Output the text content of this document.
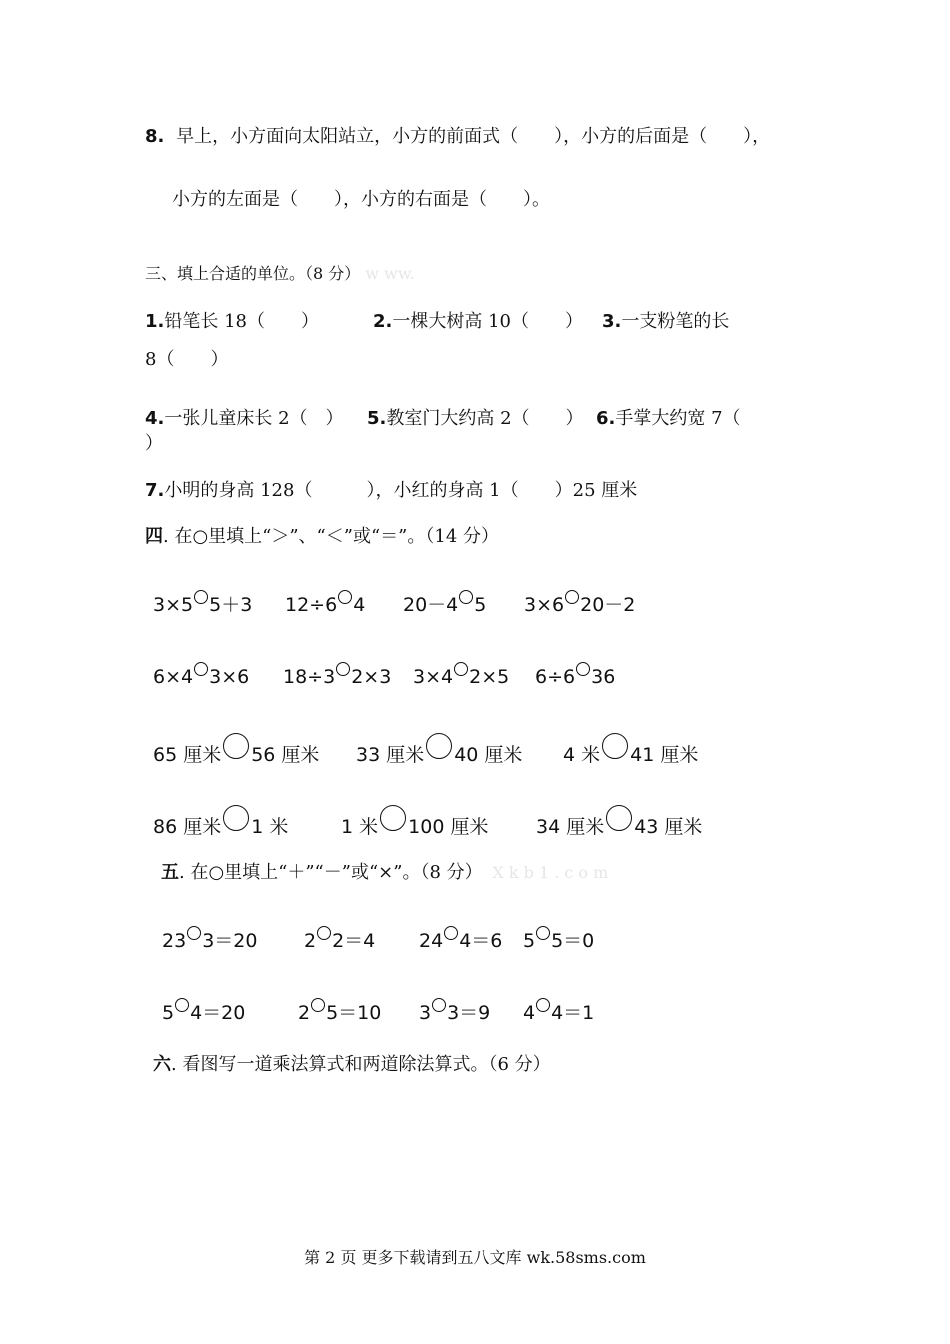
8. 早上，小方面向太阳站立，小方的前面式（　　），小方的后面是（　　），
小方的左面是（　　），小方的右面是（　　）。
三、填上合适的单位。（8 分） w ww.
1.铅笔长 18（　　）	2.一棵大树高 10（　　） 3.一支粉笔的长
8（　　）
4.一张儿童床长 2（　） 5.教室门大约高 2（　　） 6.手掌大约宽 7（
）
7.小明的身高 128（　　　），小红的身高 1（　　）25 厘米
四. 在○里填上“＞”、“＜”或“＝”。（14 分）
3×5 5＋3 12÷6 4 20－4 5 3×6 20－2
6×4 3×6 18÷3 2×3 3×4 2×5 6÷6 36
65 厘米 56 厘米 33 厘米 40 厘米 4 米 41 厘米
86 厘米 1 米	1 米 100 厘米	34 厘米 43 厘米
五. 在○里填上“＋”“－”或“×”。（8 分） X k b 1 . c o m
23 3＝20 2 2＝4 24 4＝6 5 5＝0
5 4＝20	2 5＝10 3 3＝9 4 4＝1
六. 看图写一道乘法算式和两道除法算式。（6 分）
第 2 页 更多下载请到五八文库 wk.58sms.com
